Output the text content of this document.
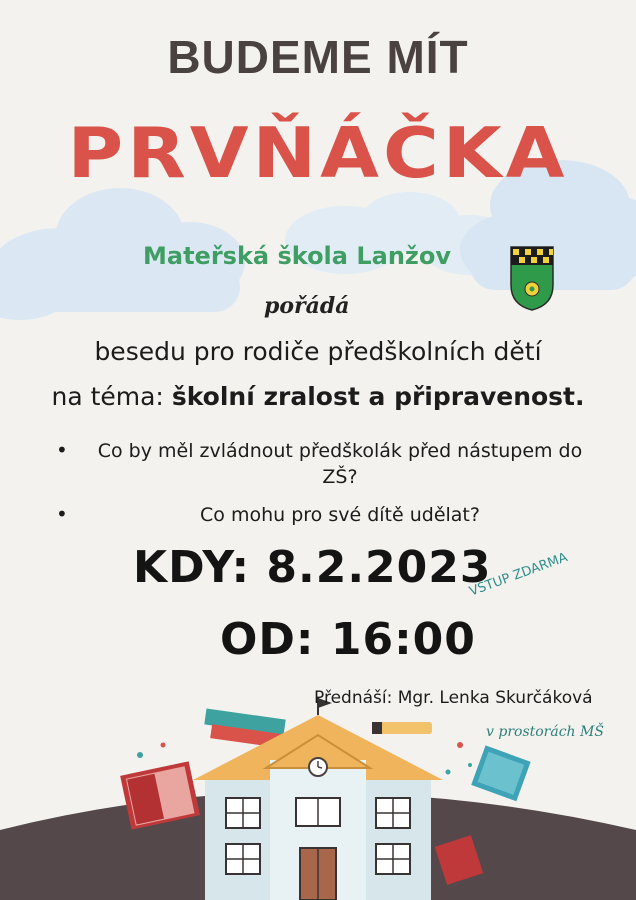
BUDEME MÍT
PRVŇÁČKA
Mateřská škola Lanžov
pořádá
besedu pro rodiče předškolních dětí
na téma: školní zralost a připravenost.
•	Co by měl zvládnout předškolák před nástupem do ZŠ?
•	Co mohu pro své dítě udělat?
KDY: 8.2.2023
OD: 16:00
VSTUP ZDARMA
Přednáší: Mgr. Lenka Skurčáková
v prostorách MŠ
